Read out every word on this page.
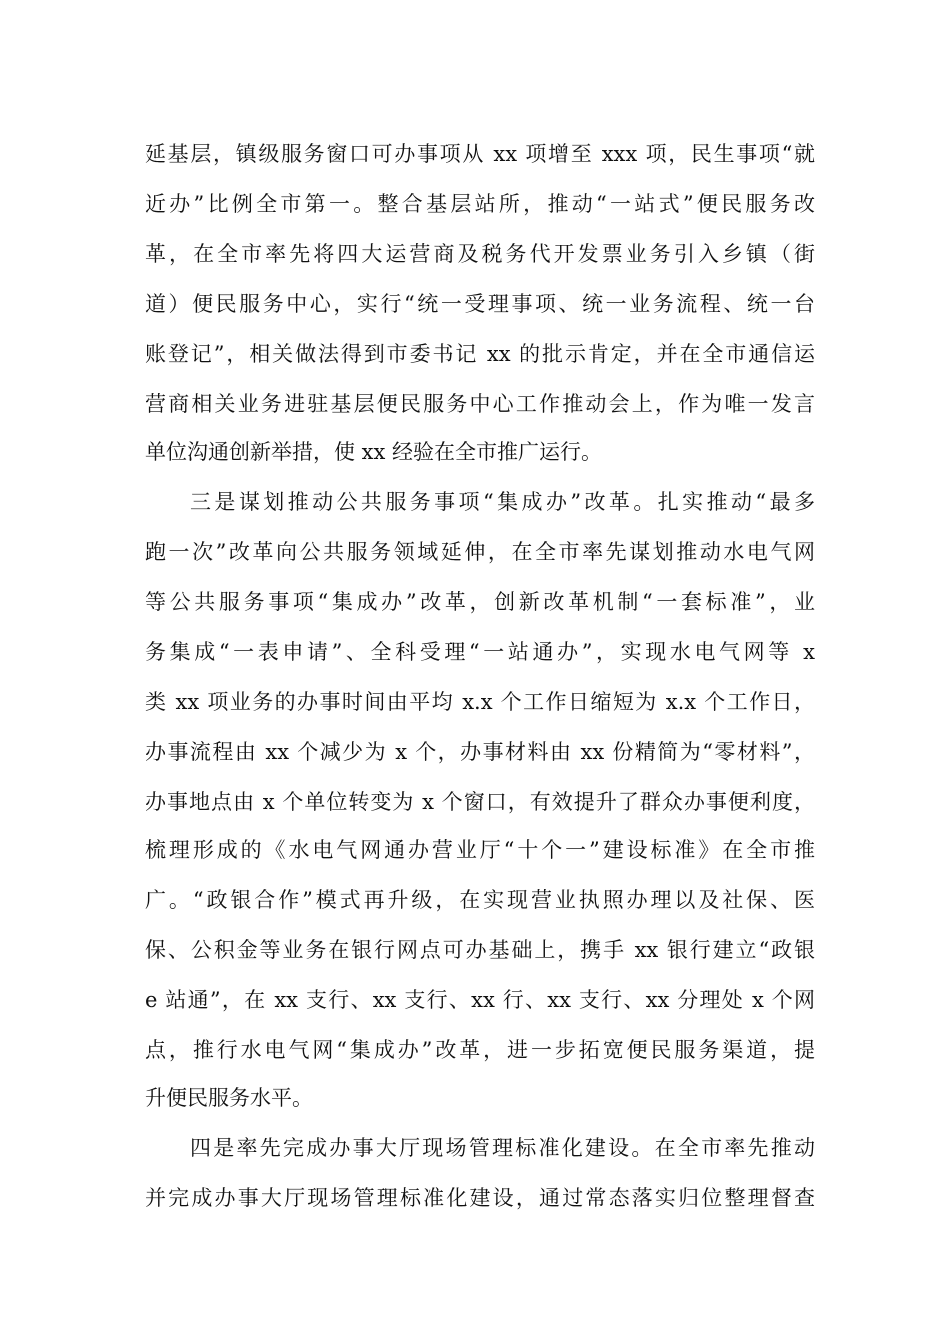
延基层，镇级服务窗口可办事项从 xx 项增至 xxx 项，民生事项“就
近办”比例全市第一。整合基层站所，推动“一站式”便民服务改
革，在全市率先将四大运营商及税务代开发票业务引入乡镇（街
道）便民服务中心，实行“统一受理事项、统一业务流程、统一台
账登记”，相关做法得到市委书记 xx 的批示肯定，并在全市通信运
营商相关业务进驻基层便民服务中心工作推动会上，作为唯一发言
单位沟通创新举措，使 xx 经验在全市推广运行。
三是谋划推动公共服务事项“集成办”改革。扎实推动“最多
跑一次”改革向公共服务领域延伸，在全市率先谋划推动水电气网
等公共服务事项“集成办”改革，创新改革机制“一套标准”，业
务集成“一表申请”、全科受理“一站通办”，实现水电气网等 x
类 xx 项业务的办事时间由平均 x.x 个工作日缩短为 x.x 个工作日，
办事流程由 xx 个减少为 x 个，办事材料由 xx 份精简为“零材料”，
办事地点由 x 个单位转变为 x 个窗口，有效提升了群众办事便利度，
梳理形成的《水电气网通办营业厅“十个一”建设标准》在全市推
广。“政银合作”模式再升级，在实现营业执照办理以及社保、医
保、公积金等业务在银行网点可办基础上，携手 xx 银行建立“政银
e 站通”，在 xx 支行、xx 支行、xx 行、xx 支行、xx 分理处 x 个网
点，推行水电气网“集成办”改革，进一步拓宽便民服务渠道，提
升便民服务水平。
四是率先完成办事大厅现场管理标准化建设。在全市率先推动
并完成办事大厅现场管理标准化建设，通过常态落实归位整理督查
